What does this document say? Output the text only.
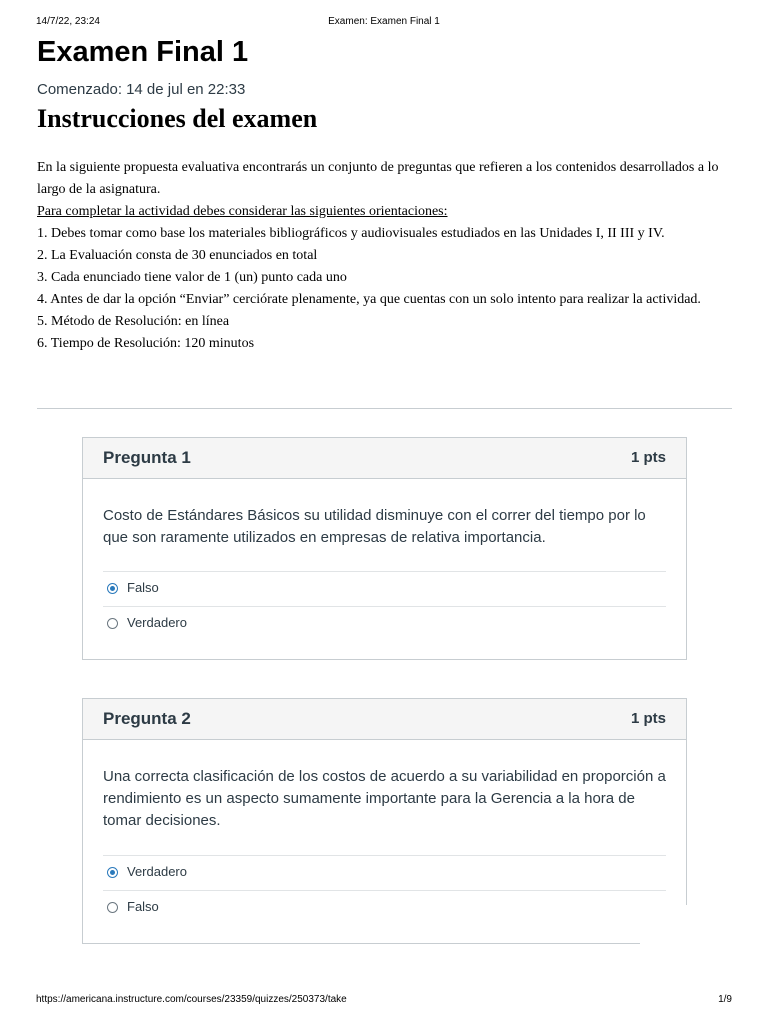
14/7/22, 23:24	Examen: Examen Final 1
Examen Final 1
Comenzado: 14 de jul en 22:33
Instrucciones del examen

En la siguiente propuesta evaluativa encontrarás un conjunto de preguntas que refieren a los contenidos desarrollados a lo largo de la asignatura.

Para completar la actividad debes considerar las siguientes orientaciones:

1. Debes tomar como base los materiales bibliográficos y audiovisuales estudiados en las Unidades I, II III y IV.

2. La Evaluación consta de 30 enunciados en total

3. Cada enunciado tiene valor de 1 (un) punto cada uno

4. Antes de dar la opción “Enviar” cerciórate plenamente, ya que cuentas con un solo intento para realizar la actividad.

5. Método de Resolución: en línea

6. Tiempo de Resolución: 120 minutos

Pregunta 1	1 pts
Costo de Estándares Básicos su utilidad disminuye con el correr del tiempo por lo que son raramente utilizados en empresas de relativa importancia.
Falso
Verdadero
Pregunta 2	1 pts
Una correcta clasificación de los costos de acuerdo a su variabilidad en proporción a rendimiento es un aspecto sumamente importante para la Gerencia a la hora de tomar decisiones.
Verdadero
Falso
https://americana.instructure.com/courses/23359/quizzes/250373/take	1/9
